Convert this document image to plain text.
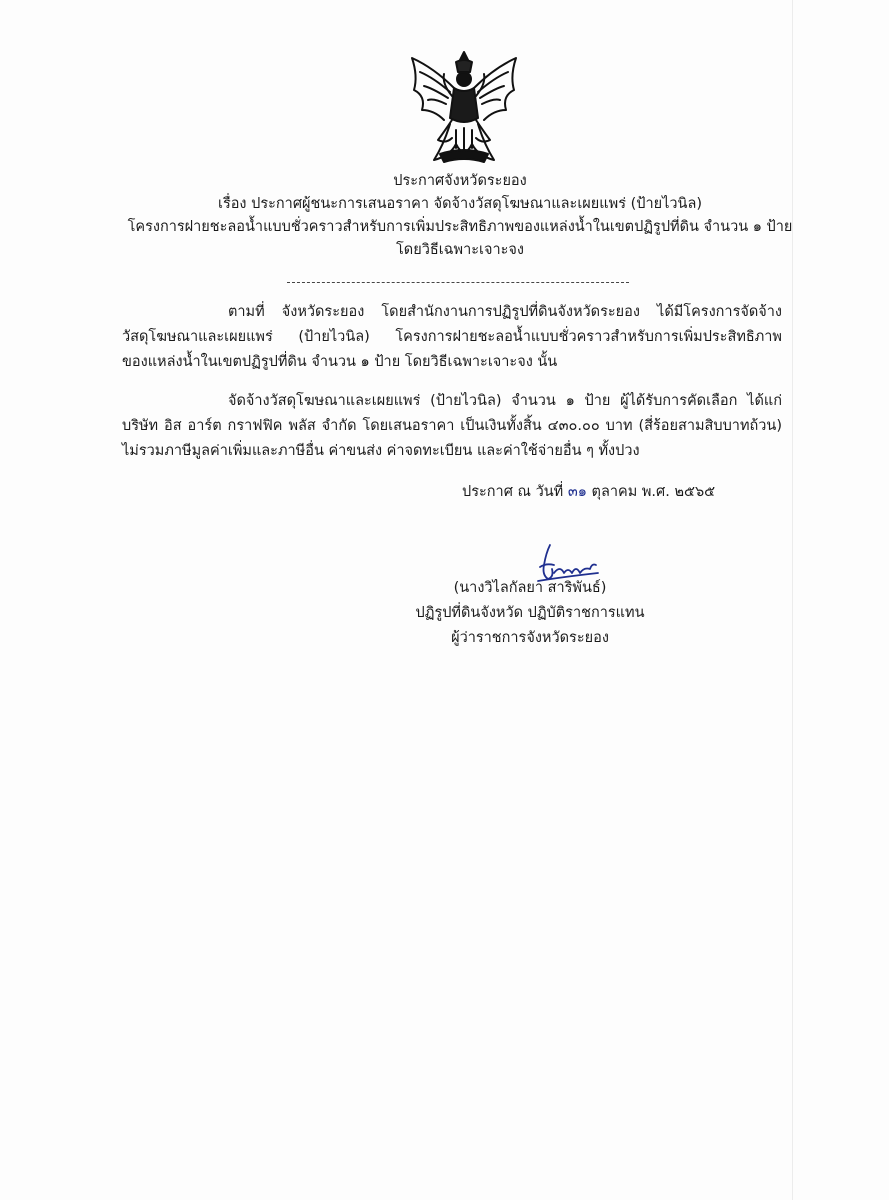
ประกาศจังหวัดระยอง
เรื่อง ประกาศผู้ชนะการเสนอราคา จัดจ้างวัสดุโฆษณาและเผยแพร่ (ป้ายไวนิล)
โครงการฝายชะลอน้ำแบบชั่วคราวสำหรับการเพิ่มประสิทธิภาพของแหล่งน้ำในเขตปฏิรูปที่ดิน จำนวน ๑ ป้าย
โดยวิธีเฉพาะเจาะจง
ตามที่ จังหวัดระยอง โดยสำนักงานการปฏิรูปที่ดินจังหวัดระยอง ได้มีโครงการจัดจ้าง
วัสดุโฆษณาและเผยแพร่ (ป้ายไวนิล) โครงการฝายชะลอน้ำแบบชั่วคราวสำหรับการเพิ่มประสิทธิภาพ
ของแหล่งน้ำในเขตปฏิรูปที่ดิน จำนวน ๑ ป้าย โดยวิธีเฉพาะเจาะจง นั้น
จัดจ้างวัสดุโฆษณาและเผยแพร่ (ป้ายไวนิล) จำนวน ๑ ป้าย ผู้ได้รับการคัดเลือก ได้แก่
บริษัท อิส อาร์ต กราฟฟิค พลัส จำกัด โดยเสนอราคา เป็นเงินทั้งสิ้น ๔๓๐.๐๐ บาท (สี่ร้อยสามสิบบาทถ้วน)
ไม่รวมภาษีมูลค่าเพิ่มและภาษีอื่น ค่าขนส่ง ค่าจดทะเบียน และค่าใช้จ่ายอื่น ๆ ทั้งปวง
ประกาศ ณ วันที่ ๓๑ ตุลาคม พ.ศ. ๒๕๖๕
(นางวิไลกัลยา สาริพันธ์)
ปฏิรูปที่ดินจังหวัด ปฏิบัติราชการแทน
ผู้ว่าราชการจังหวัดระยอง
